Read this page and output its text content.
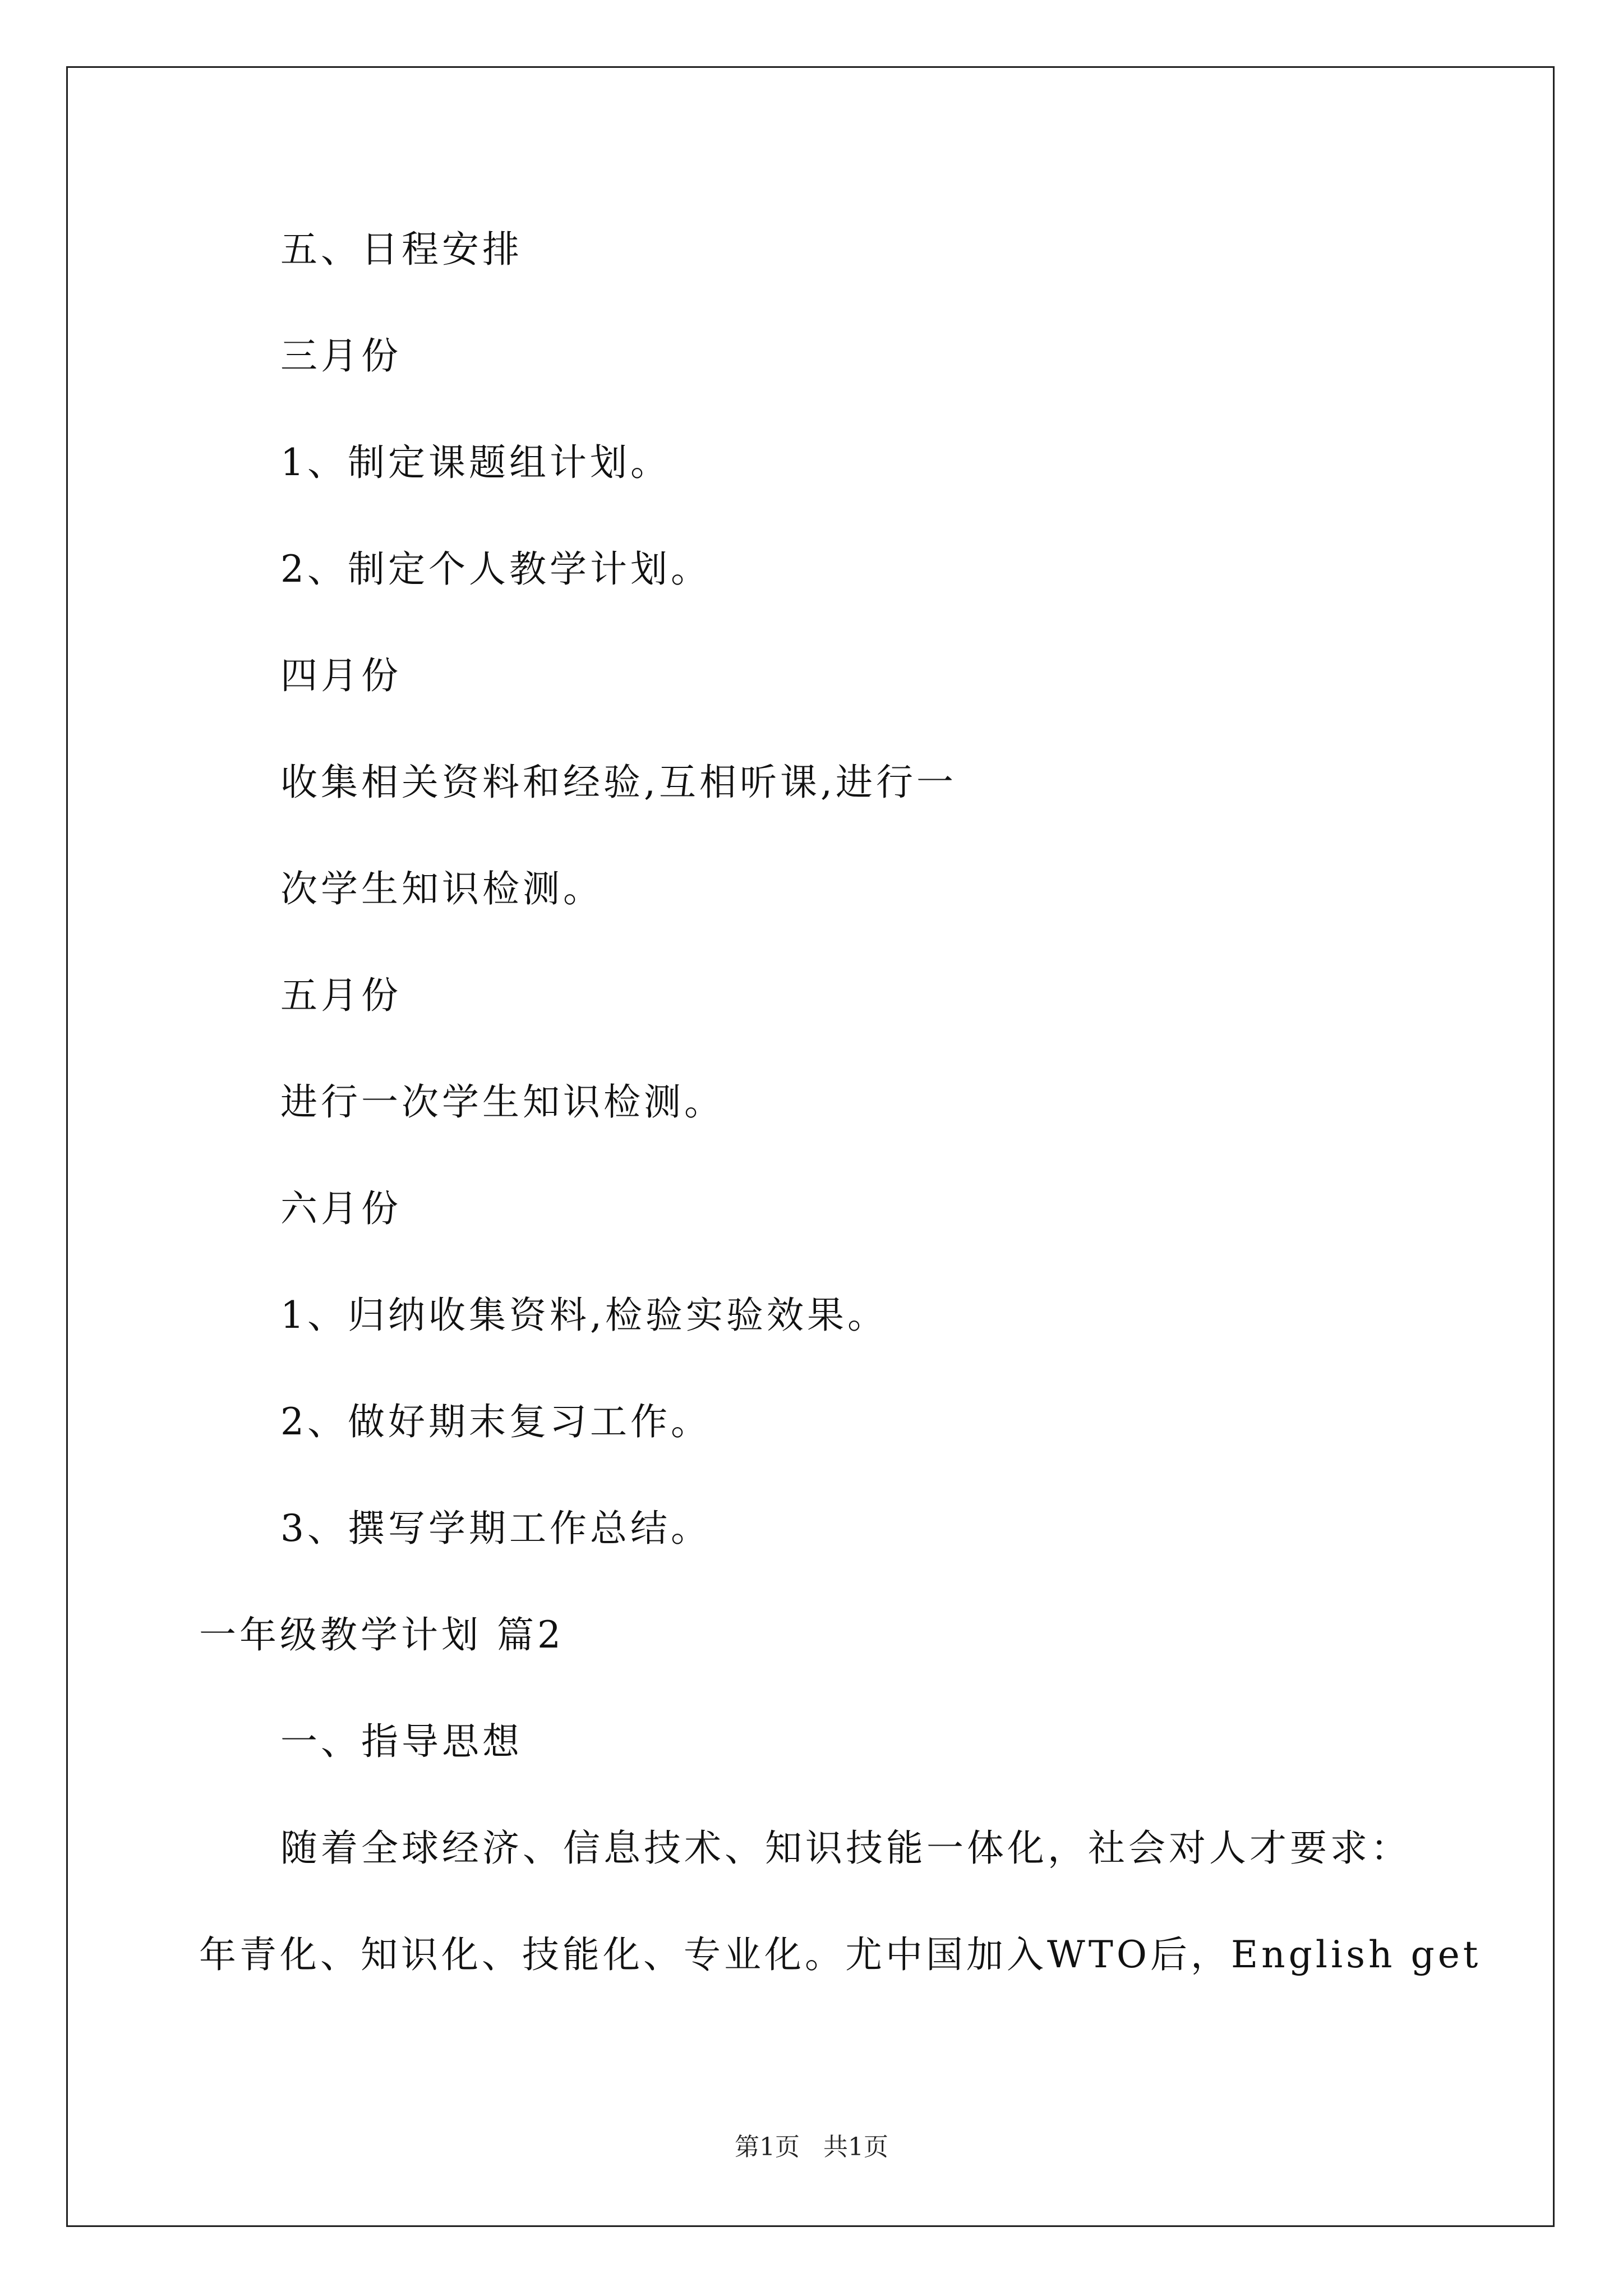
五、日程安排
三月份
1、制定课题组计划。
2、制定个人教学计划。
四月份
收集相关资料和经验,互相听课,进行一
次学生知识检测。
五月份
进行一次学生知识检测。
六月份
1、归纳收集资料,检验实验效果。
2、做好期末复习工作。
3、撰写学期工作总结。
一年级教学计划 篇2
一、指导思想
随着全球经济、信息技术、知识技能一体化，社会对人才要求：
年青化、知识化、技能化、专业化。尤中国加入WTO后，English get
第1页   共1页
